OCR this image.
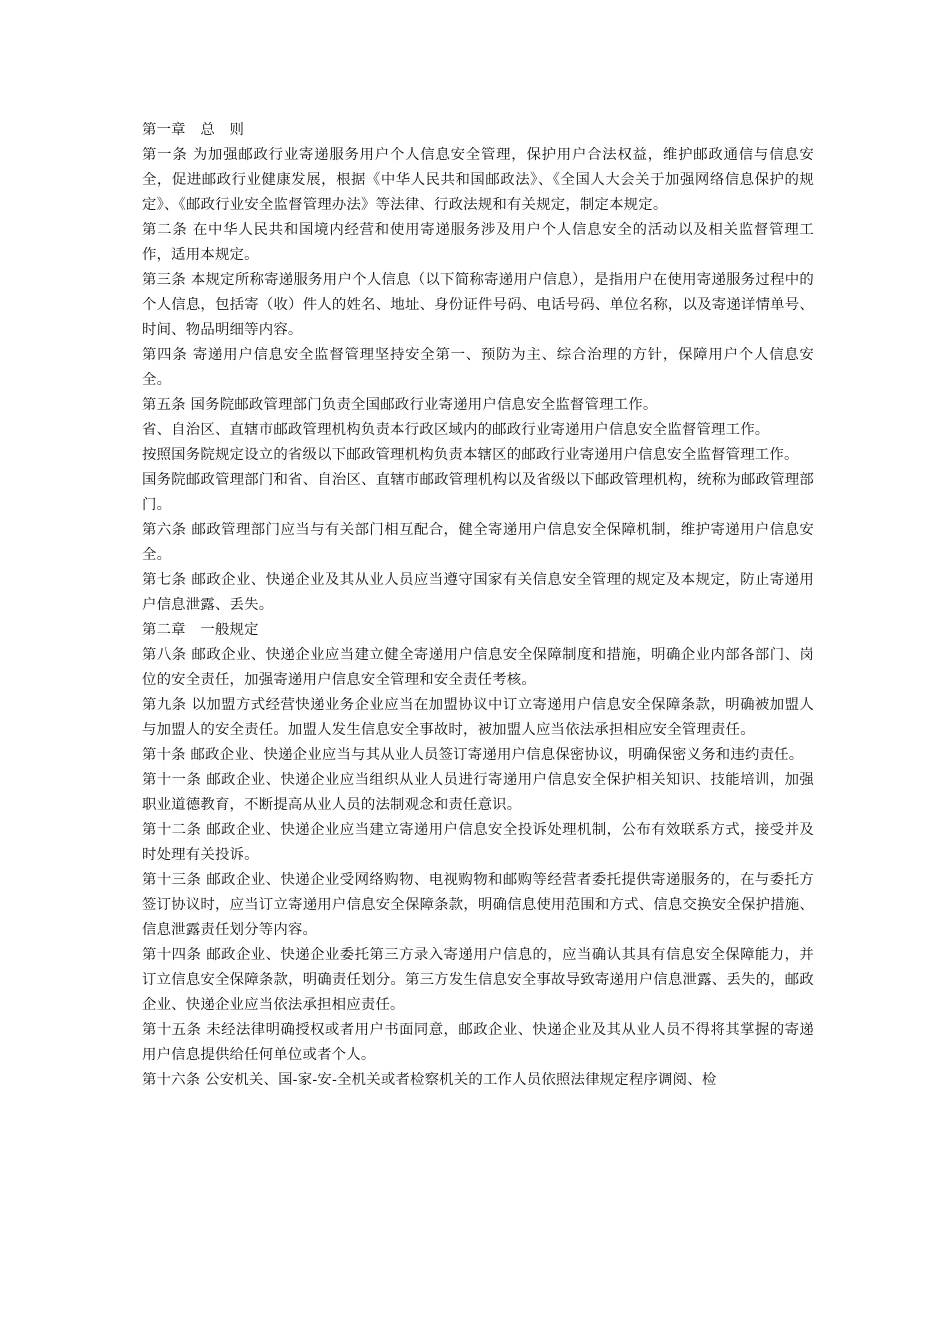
第一章　总　则

第一条 为加强邮政行业寄递服务用户个人信息安全管理，保护用户合法权益，维护邮政通信与信息安全，促进邮政行业健康发展，根据《中华人民共和国邮政法》、《全国人大会关于加强网络信息保护的规定》、《邮政行业安全监督管理办法》等法律、行政法规和有关规定，制定本规定。

第二条 在中华人民共和国境内经营和使用寄递服务涉及用户个人信息安全的活动以及相关监督管理工作，适用本规定。

第三条 本规定所称寄递服务用户个人信息（以下简称寄递用户信息），是指用户在使用寄递服务过程中的个人信息，包括寄（收）件人的姓名、地址、身份证件号码、电话号码、单位名称，以及寄递详情单号、时间、物品明细等内容。

第四条 寄递用户信息安全监督管理坚持安全第一、预防为主、综合治理的方针，保障用户个人信息安全。

第五条 国务院邮政管理部门负责全国邮政行业寄递用户信息安全监督管理工作。

省、自治区、直辖市邮政管理机构负责本行政区域内的邮政行业寄递用户信息安全监督管理工作。

按照国务院规定设立的省级以下邮政管理机构负责本辖区的邮政行业寄递用户信息安全监督管理工作。

国务院邮政管理部门和省、自治区、直辖市邮政管理机构以及省级以下邮政管理机构，统称为邮政管理部门。

第六条 邮政管理部门应当与有关部门相互配合，健全寄递用户信息安全保障机制，维护寄递用户信息安全。

第七条 邮政企业、快递企业及其从业人员应当遵守国家有关信息安全管理的规定及本规定，防止寄递用户信息泄露、丢失。

第二章　一般规定

第八条 邮政企业、快递企业应当建立健全寄递用户信息安全保障制度和措施，明确企业内部各部门、岗位的安全责任，加强寄递用户信息安全管理和安全责任考核。

第九条 以加盟方式经营快递业务企业应当在加盟协议中订立寄递用户信息安全保障条款，明确被加盟人与加盟人的安全责任。加盟人发生信息安全事故时，被加盟人应当依法承担相应安全管理责任。

第十条 邮政企业、快递企业应当与其从业人员签订寄递用户信息保密协议，明确保密义务和违约责任。

第十一条 邮政企业、快递企业应当组织从业人员进行寄递用户信息安全保护相关知识、技能培训，加强职业道德教育，不断提高从业人员的法制观念和责任意识。

第十二条 邮政企业、快递企业应当建立寄递用户信息安全投诉处理机制，公布有效联系方式，接受并及时处理有关投诉。

第十三条 邮政企业、快递企业受网络购物、电视购物和邮购等经营者委托提供寄递服务的，在与委托方签订协议时，应当订立寄递用户信息安全保障条款，明确信息使用范围和方式、信息交换安全保护措施、信息泄露责任划分等内容。

第十四条 邮政企业、快递企业委托第三方录入寄递用户信息的，应当确认其具有信息安全保障能力，并订立信息安全保障条款，明确责任划分。第三方发生信息安全事故导致寄递用户信息泄露、丢失的，邮政企业、快递企业应当依法承担相应责任。

第十五条 未经法律明确授权或者用户书面同意，邮政企业、快递企业及其从业人员不得将其掌握的寄递用户信息提供给任何单位或者个人。

第十六条 公安机关、国-家-安-全机关或者检察机关的工作人员依照法律规定程序调阅、检
